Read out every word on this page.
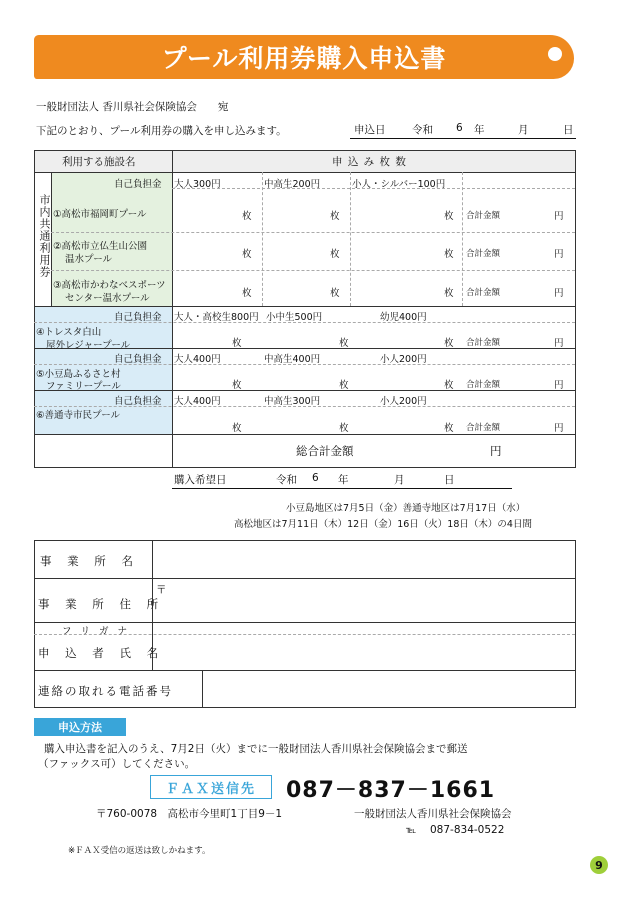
プール利用券購入申込書
一般財団法人 香川県社会保険協会　　宛
下記のとおり、プール利用券の購入を申し込みます。	申込日	令和 6 年	月	日
利用する施設名	申 込 み 枚 数
市内共通利用券
自己負担金 大人300円	中高生200円	小人・シルバー100円
①高松市福岡町プール	枚	枚	枚 合計金額	円
②高松市立仏生山公園
温水プール	枚	枚	枚 合計金額	円
③高松市かわなべスポーツ
センター温水プール	枚	枚	枚 合計金額	円
自己負担金 大人・高校生800円 小中生500円	幼児400円
④トレスタ白山
屋外レジャープール	枚	枚	枚 合計金額	円
自己負担金 大人400円	中高生400円	小人200円
⑤小豆島ふるさと村
ファミリープール	枚	枚	枚 合計金額	円
自己負担金 大人400円	中高生300円	小人200円
⑥善通寺市民プール
枚	枚	枚 合計金額	円
総合計金額	円
購入希望日	令和 6 年	月	日
小豆島地区は7月5日（金）善通寺地区は7月17日（水）
高松地区は7月11日（木）12日（金）16日（火）18日（木）の4日間
事 業 所 名
事 業 所 住 所
〒
フ リ ガ ナ
申 込 者 氏 名
連絡の取れる電話番号
申込方法
購入申込書を記入のうえ、7月2日（火）までに一般財団法人香川県社会保険協会まで郵送
（ファックス可）してください。
ＦＡＸ送信先	087－837－1661
〒760-0078　高松市今里町1丁目9－1	一般財団法人香川県社会保険協会
℡ 087-834-0522
※ＦＡＸ受信の返送は致しかねます。
9
